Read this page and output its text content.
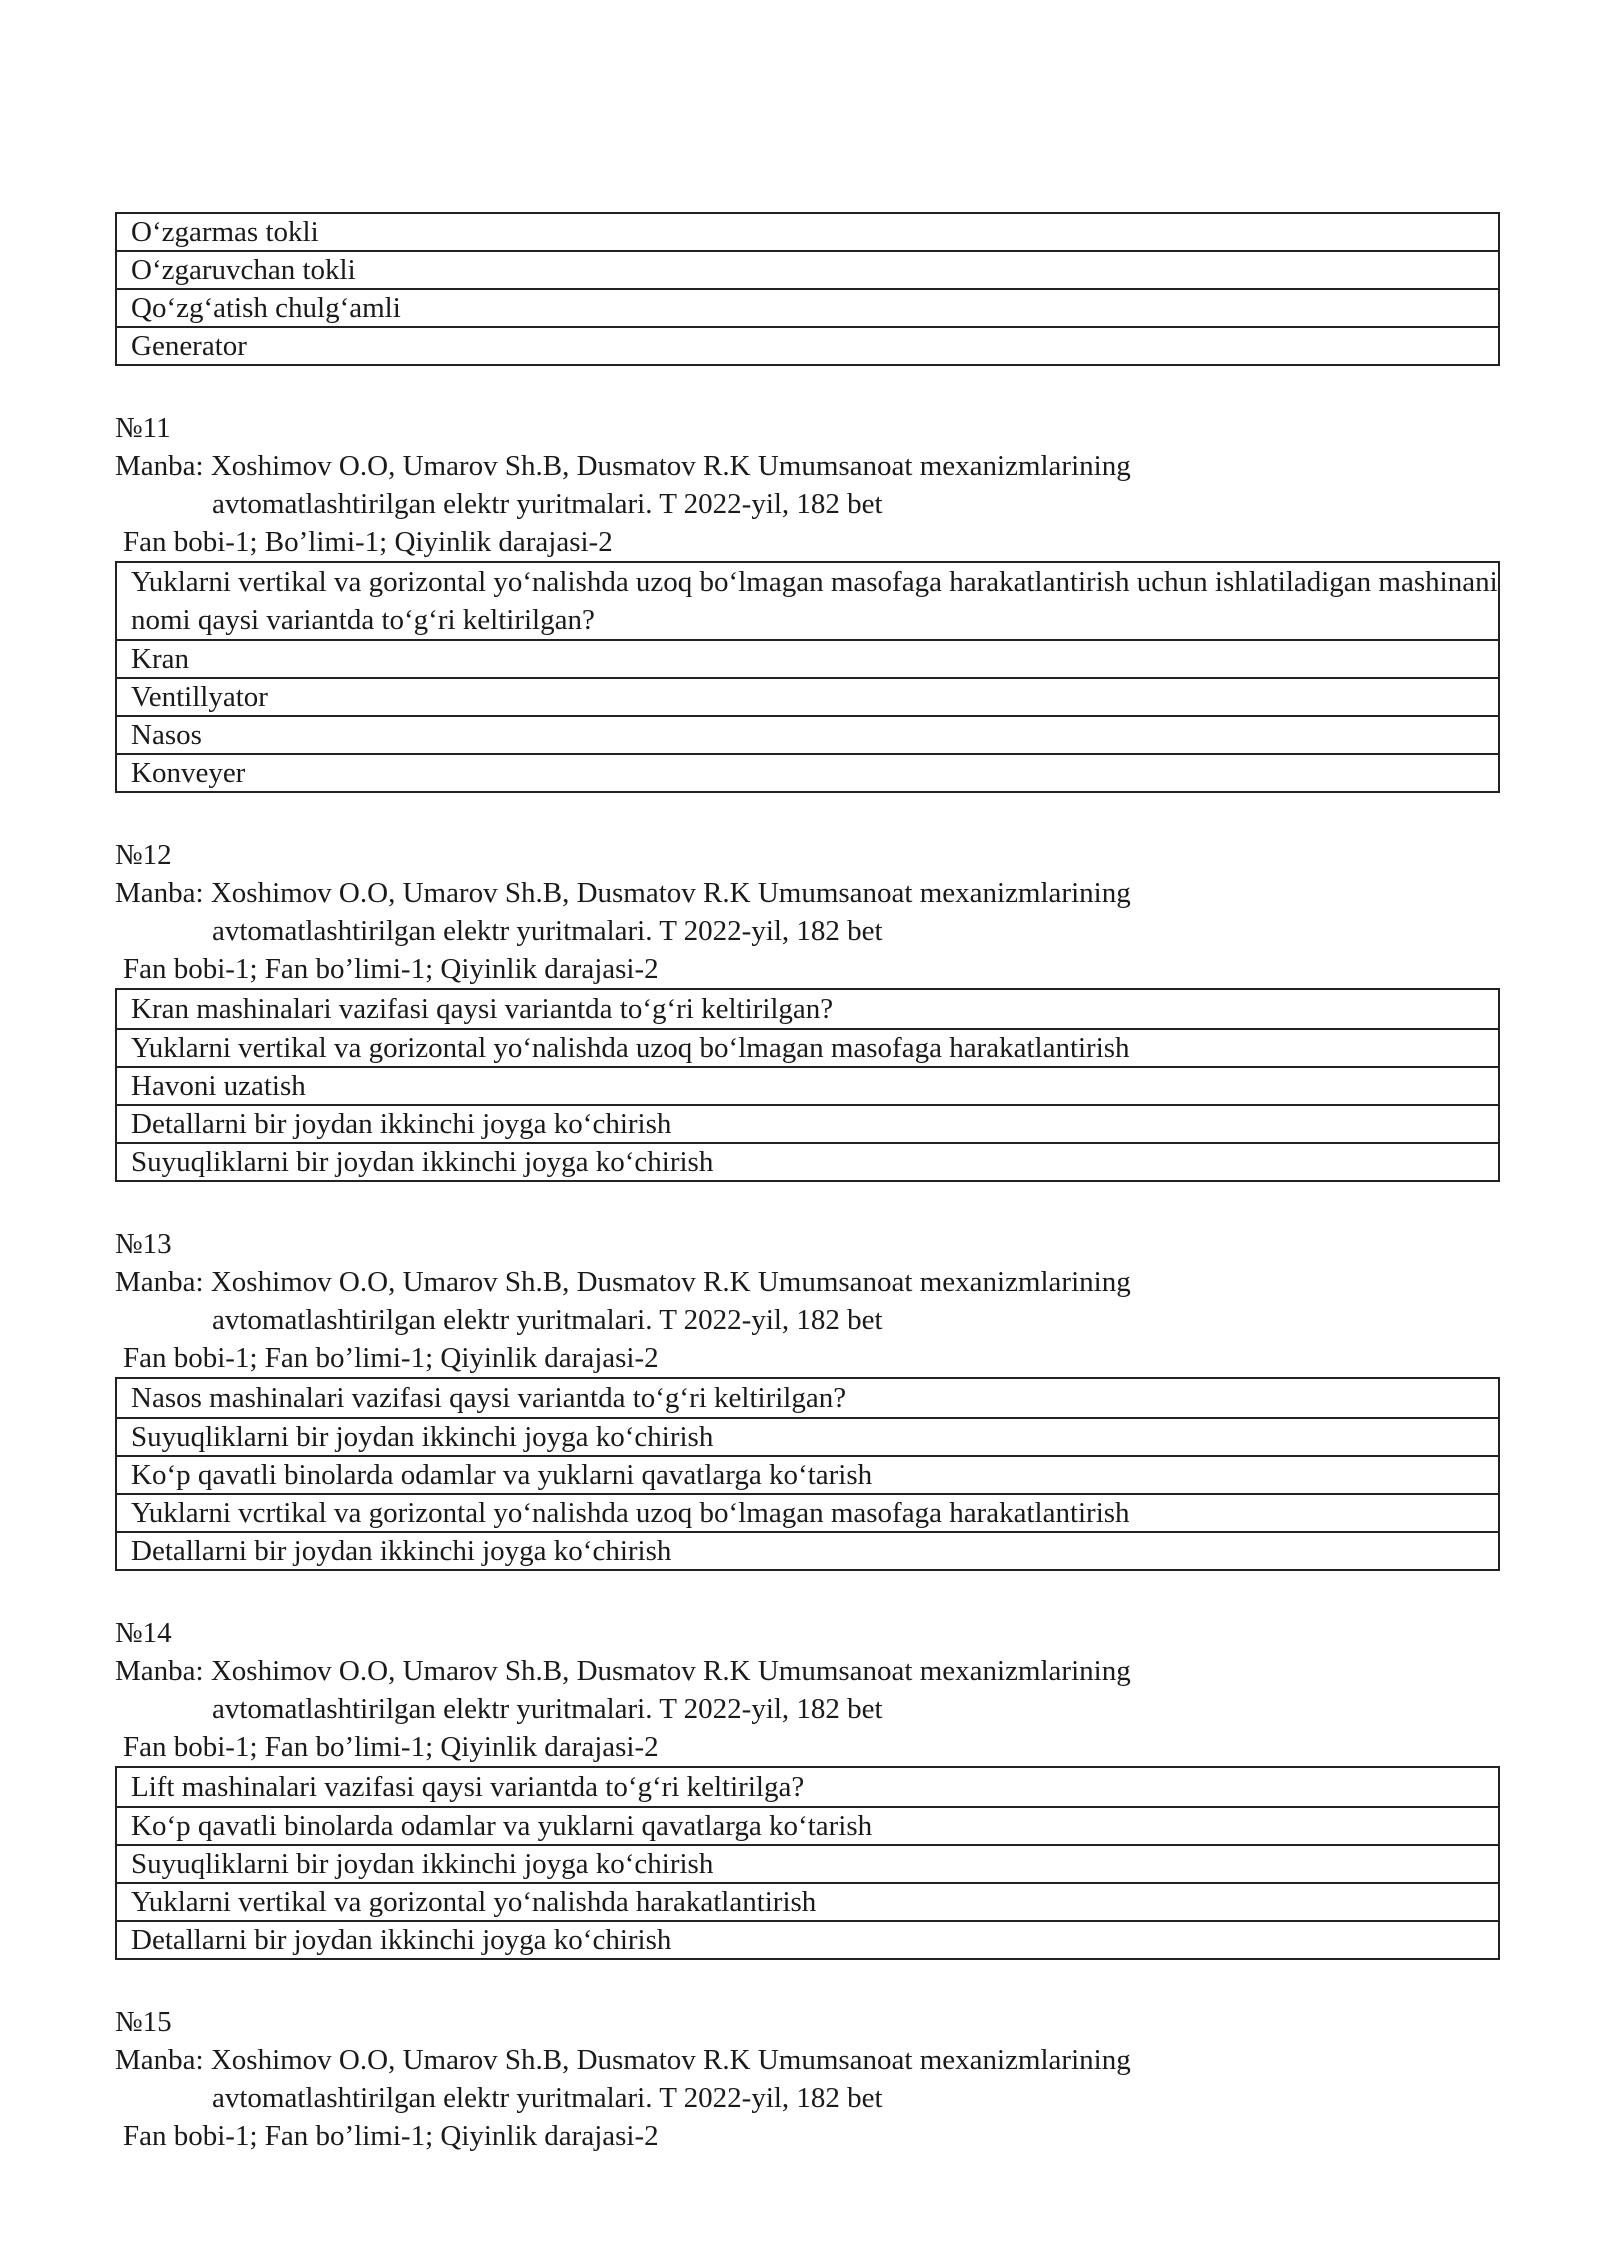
O‘zgarmas tokli
O‘zgaruvchan tokli
Qo‘zg‘atish chulg‘amli
Generator
№11
Manba: Xoshimov O.O, Umarov Sh.B, Dusmatov R.K Umumsanoat mexanizmlarining
avtomatlashtirilgan elektr yuritmalari. T 2022-yil, 182 bet
Fan bobi-1; Bo’limi-1; Qiyinlik darajasi-2
Yuklarni vertikal va gorizontal yo‘nalishda uzoq bo‘lmagan masofaga harakatlantirish uchun ishlatiladigan mashinani nomi qaysi variantda to‘g‘ri keltirilgan?
Kran
Ventillyator
Nasos
Konveyer
№12
Manba: Xoshimov O.O, Umarov Sh.B, Dusmatov R.K Umumsanoat mexanizmlarining
avtomatlashtirilgan elektr yuritmalari. T 2022-yil, 182 bet
Fan bobi-1; Fan bo’limi-1; Qiyinlik darajasi-2
Kran mashinalari vazifasi qaysi variantda to‘g‘ri keltirilgan?
Yuklarni vertikal va gorizontal yo‘nalishda uzoq bo‘lmagan masofaga harakatlantirish
Havoni uzatish
Detallarni bir joydan ikkinchi joyga ko‘chirish
Suyuqliklarni bir joydan ikkinchi joyga ko‘chirish
№13
Manba: Xoshimov O.O, Umarov Sh.B, Dusmatov R.K Umumsanoat mexanizmlarining
avtomatlashtirilgan elektr yuritmalari. T 2022-yil, 182 bet
Fan bobi-1; Fan bo’limi-1; Qiyinlik darajasi-2
Nasos mashinalari vazifasi qaysi variantda to‘g‘ri keltirilgan?
Suyuqliklarni bir joydan ikkinchi joyga ko‘chirish
Ko‘p qavatli binolarda odamlar va yuklarni qavatlarga ko‘tarish
Yuklarni vcrtikal va gorizontal yo‘nalishda uzoq bo‘lmagan masofaga harakatlantirish
Detallarni bir joydan ikkinchi joyga ko‘chirish
№14
Manba: Xoshimov O.O, Umarov Sh.B, Dusmatov R.K Umumsanoat mexanizmlarining
avtomatlashtirilgan elektr yuritmalari. T 2022-yil, 182 bet
Fan bobi-1; Fan bo’limi-1; Qiyinlik darajasi-2
Lift mashinalari vazifasi qaysi variantda to‘g‘ri keltirilga?
Ko‘p qavatli binolarda odamlar va yuklarni qavatlarga ko‘tarish
Suyuqliklarni bir joydan ikkinchi joyga ko‘chirish
Yuklarni vertikal va gorizontal yo‘nalishda harakatlantirish
Detallarni bir joydan ikkinchi joyga ko‘chirish
№15
Manba: Xoshimov O.O, Umarov Sh.B, Dusmatov R.K Umumsanoat mexanizmlarining
avtomatlashtirilgan elektr yuritmalari. T 2022-yil, 182 bet
Fan bobi-1; Fan bo’limi-1; Qiyinlik darajasi-2
